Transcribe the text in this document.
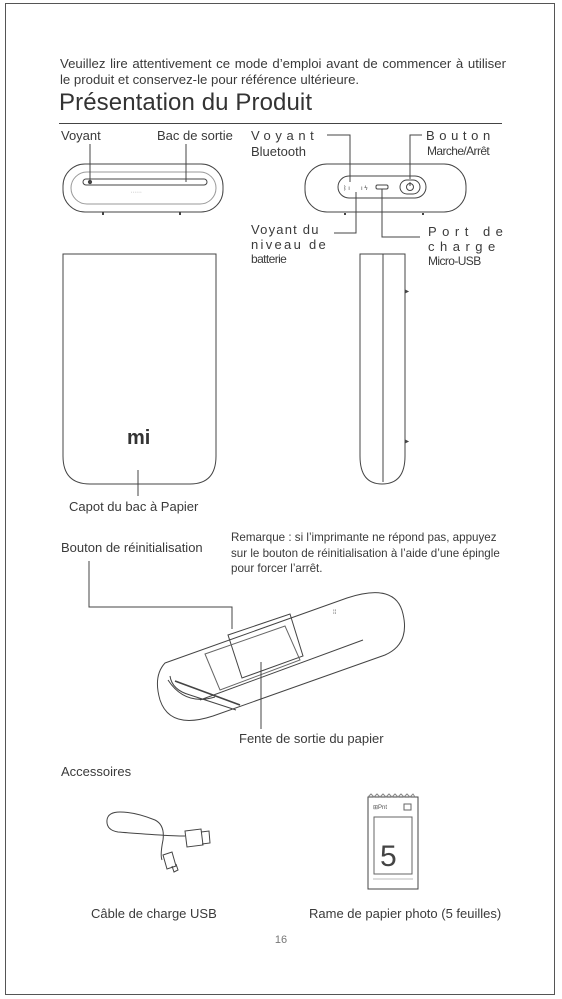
Veuillez lire attentivement ce mode d’emploi avant de commencer à utiliser le produit et conservez-le pour référence ultérieure.
Présentation du Produit
Voyant	Bac de sortie Voyant
Bluetooth
Bouton
Marche/Arrêt
Voyant du
niveau de
batterie
Port de
charge
Micro-USB
Capot du bac à Papier
Bouton de réinitialisation
Remarque : si l’imprimante ne répond pas, appuyez sur le bouton de réinitialisation à l’aide d’une épingle pour forcer l’arrêt.
Fente de sortie du papier
Accessoires
Câble de charge USB	Rame de papier photo (5 feuilles)
16
• • • • • •	ᛒ ı ı ϟ
⁞⁞
mi
5
⊞Pnt
